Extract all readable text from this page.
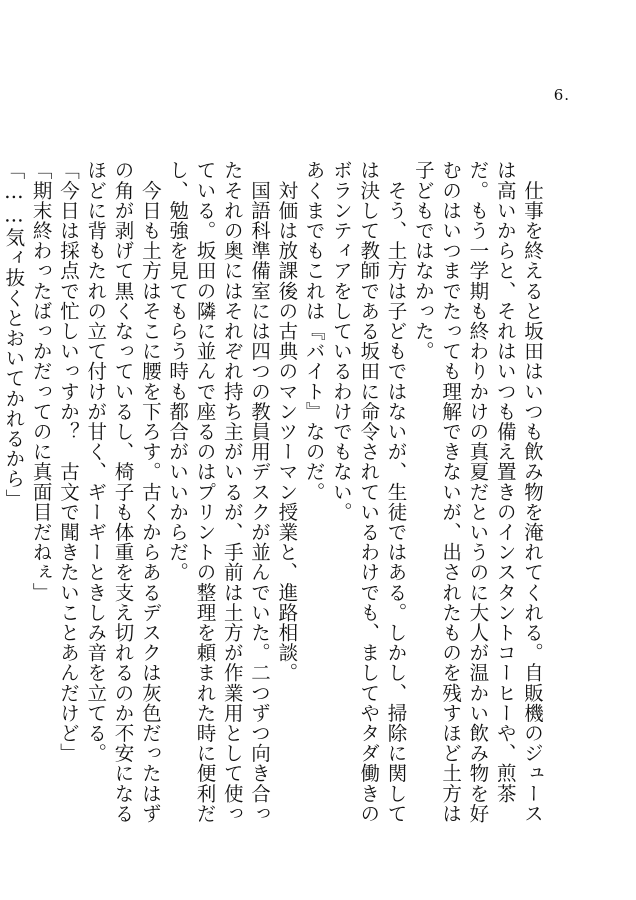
6.

　仕事を終えると坂田はいつも飲み物を淹れてくれる。自販機のジュースは高いからと、それはいつも備え置きのインスタントコーヒーや、煎茶だ。もう一学期も終わりかけの真夏だというのに大人が温かい飲み物を好むのはいつまでたっても理解できないが、出されたものを残すほど土方は子どもではなかった。

　そう、土方は子どもではないが、生徒ではある。しかし、掃除に関しては決して教師である坂田に命令されているわけでも、ましてやタダ働きのボランティアをしているわけでもない。

あくまでもこれは『バイト』なのだ。

　対価は放課後の古典のマンツーマン授業と、進路相談。

　国語科準備室には四つの教員用デスクが並んでいた。二つずつ向き合ったそれの奥にはそれぞれ持ち主がいるが、手前は土方が作業用として使っている。坂田の隣に並んで座るのはプリントの整理を頼まれた時に便利だし、勉強を見てもらう時も都合がいいからだ。

　今日も土方はそこに腰を下ろす。古くからあるデスクは灰色だったはずの角が剥げて黒くなっているし、椅子も体重を支え切れるのか不安になるほどに背もたれの立て付けが甘く、ギーギーときしみ音を立てる。

「今日は採点で忙しいっすか？　古文で聞きたいことあんだけど」

「期末終わったばっかだってのに真面目だねぇ」

「……気ィ抜くとおいてかれるから」
